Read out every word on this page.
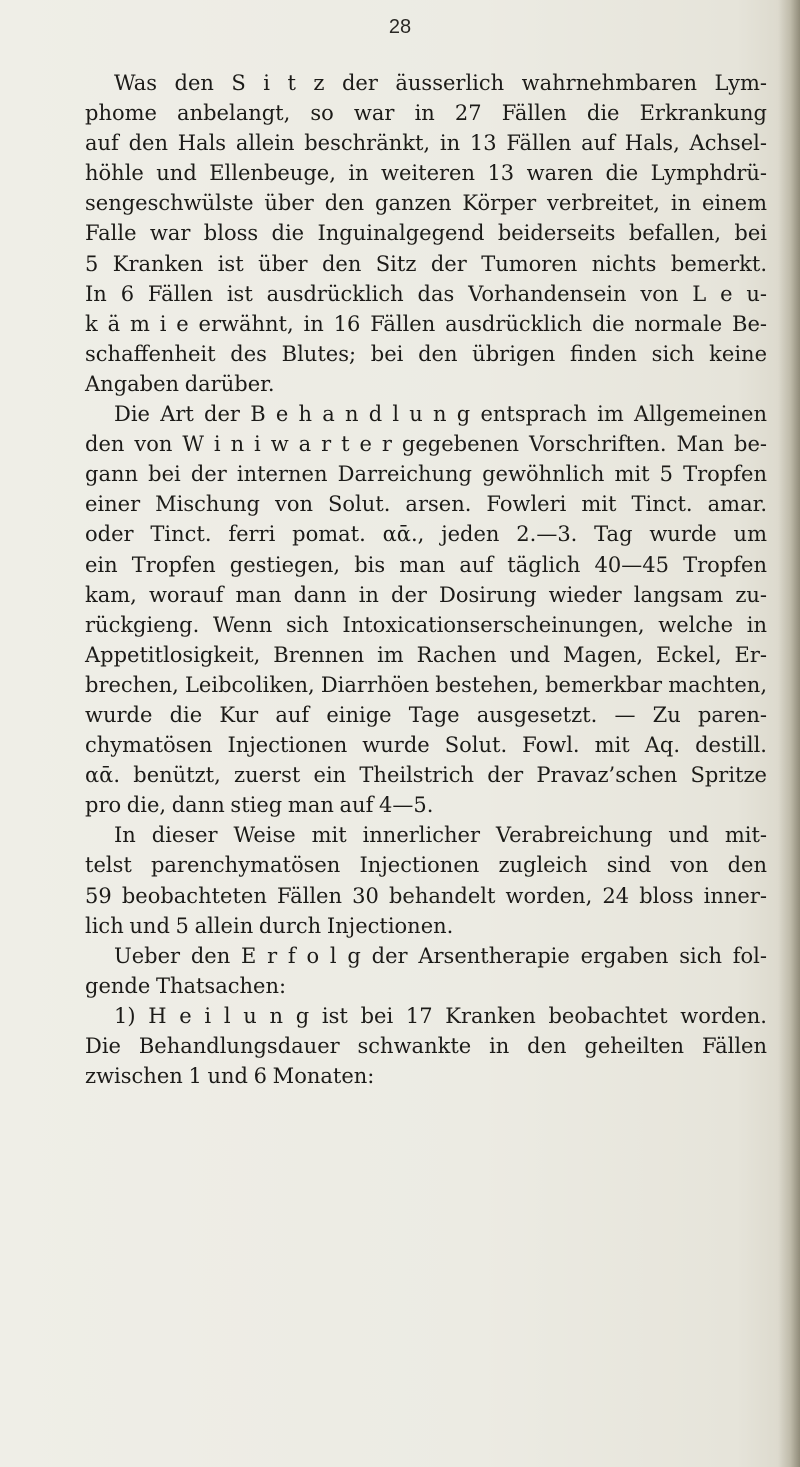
28
Was den S i t z der äusserlich wahrnehmbaren Lym-
phome anbelangt, so war in 27 Fällen die Erkrankung
auf den Hals allein beschränkt, in 13 Fällen auf Hals, Achsel-
höhle und Ellenbeuge, in weiteren 13 waren die Lymphdrü-
sengeschwülste über den ganzen Körper verbreitet, in einem
Falle war bloss die Inguinalgegend beiderseits befallen, bei
5 Kranken ist über den Sitz der Tumoren nichts bemerkt.
In 6 Fällen ist ausdrücklich das Vorhandensein von L e u-
k ä m i e erwähnt, in 16 Fällen ausdrücklich die normale Be-
schaffenheit des Blutes; bei den übrigen finden sich keine
Angaben darüber.
Die Art der B e h a n d l u n g entsprach im Allgemeinen
den von W i n i w a r t e r gegebenen Vorschriften. Man be-
gann bei der internen Darreichung gewöhnlich mit 5 Tropfen
einer Mischung von Solut. arsen. Fowleri mit Tinct. amar.
oder Tinct. ferri pomat. αᾱ., jeden 2.—3. Tag wurde um
ein Tropfen gestiegen, bis man auf täglich 40—45 Tropfen
kam, worauf man dann in der Dosirung wieder langsam zu-
rückgieng. Wenn sich Intoxicationserscheinungen, welche in
Appetitlosigkeit, Brennen im Rachen und Magen, Eckel, Er-
brechen, Leibcoliken, Diarrhöen bestehen, bemerkbar machten,
wurde die Kur auf einige Tage ausgesetzt. — Zu paren-
chymatösen Injectionen wurde Solut. Fowl. mit Aq. destill.
αᾱ. benützt, zuerst ein Theilstrich der Pravaz’schen Spritze
pro die, dann stieg man auf 4—5.
In dieser Weise mit innerlicher Verabreichung und mit-
telst parenchymatösen Injectionen zugleich sind von den
59 beobachteten Fällen 30 behandelt worden, 24 bloss inner-
lich und 5 allein durch Injectionen.
Ueber den E r f o l g der Arsentherapie ergaben sich fol-
gende Thatsachen:
1) H e i l u n g ist bei 17 Kranken beobachtet worden.
Die Behandlungsdauer schwankte in den geheilten Fällen
zwischen 1 und 6 Monaten:
